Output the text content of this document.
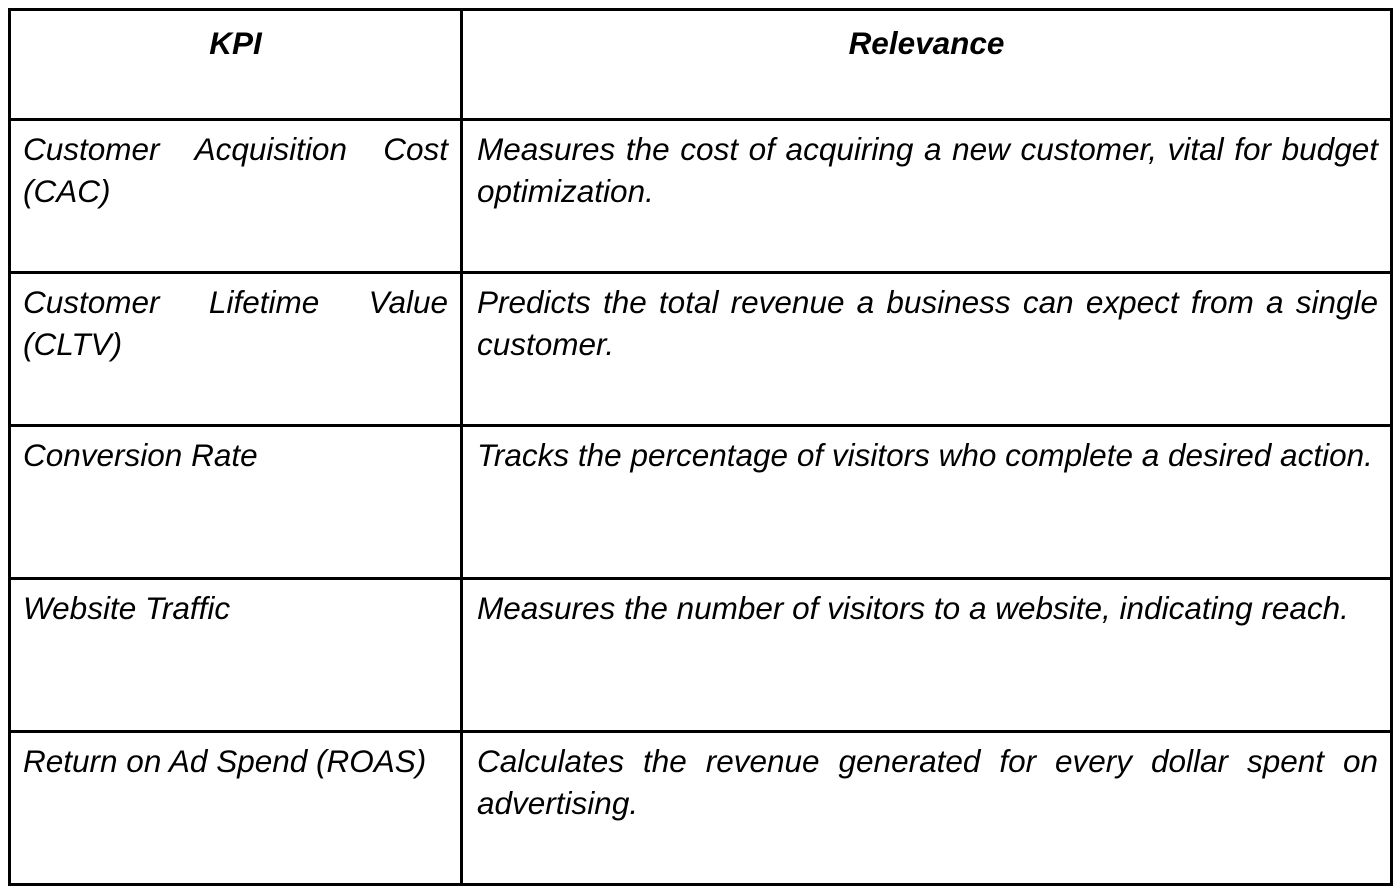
KPI	Relevance
Customer Acquisition Cost (CAC)	Measures the cost of acquiring a new customer, vital for budget optimization.
Customer Lifetime Value (CLTV)	Predicts the total revenue a business can expect from a single customer.
Conversion Rate	Tracks the percentage of visitors who complete a desired action.
Website Traffic	Measures the number of visitors to a website, indicating reach.
Return on Ad Spend (ROAS)	Calculates the revenue generated for every dollar spent on advertising.
